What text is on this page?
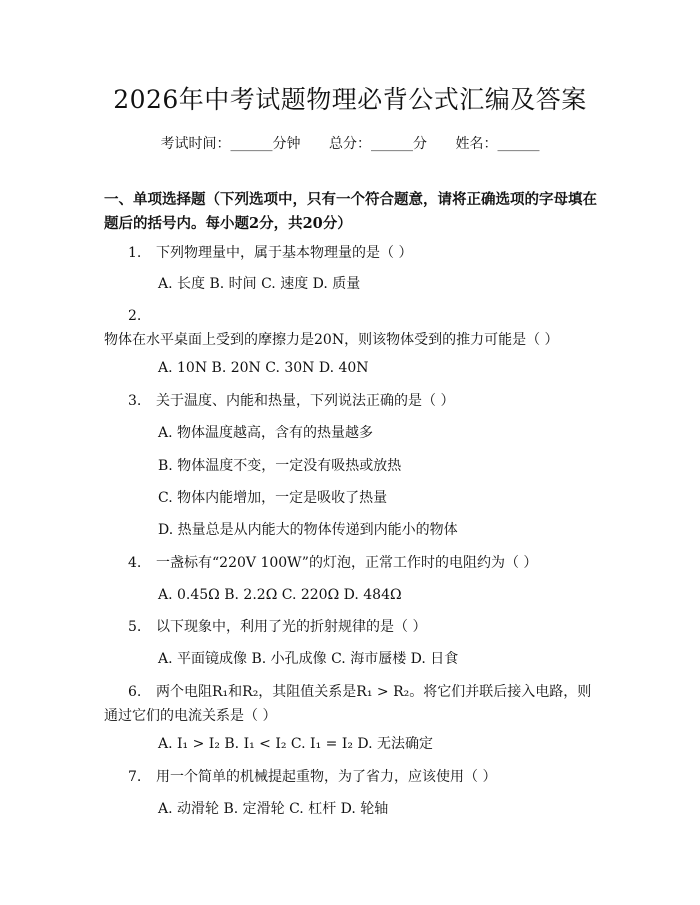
2026年中考试题物理必背公式汇编及答案
考试时间：______分钟 总分：______分 姓名：______
一、单项选择题（下列选项中，只有一个符合题意，请将正确选项的字母填在题后的括号内。每小题2分，共20分）
1. 下列物理量中，属于基本物理量的是（ ）
A. 长度 B. 时间 C. 速度 D. 质量
2.物体在水平桌面上受到的摩擦力是20N，则该物体受到的推力可能是（ ）
A. 10N B. 20N C. 30N D. 40N
3. 关于温度、内能和热量，下列说法正确的是（ ）
A. 物体温度越高，含有的热量越多
B. 物体温度不变，一定没有吸热或放热
C. 物体内能增加，一定是吸收了热量
D. 热量总是从内能大的物体传递到内能小的物体
4. 一盏标有“220V 100W”的灯泡，正常工作时的电阻约为（ ）
A. 0.45Ω B. 2.2Ω C. 220Ω D. 484Ω
5. 以下现象中，利用了光的折射规律的是（ ）
A. 平面镜成像 B. 小孔成像 C. 海市蜃楼 D. 日食
6. 两个电阻R₁和R₂，其阻值关系是R₁ > R₂。将它们并联后接入电路，则通过它们的电流关系是（ ）
A. I₁ > I₂ B. I₁ < I₂ C. I₁ = I₂ D. 无法确定
7. 用一个简单的机械提起重物，为了省力，应该使用（ ）
A. 动滑轮 B. 定滑轮 C. 杠杆 D. 轮轴
